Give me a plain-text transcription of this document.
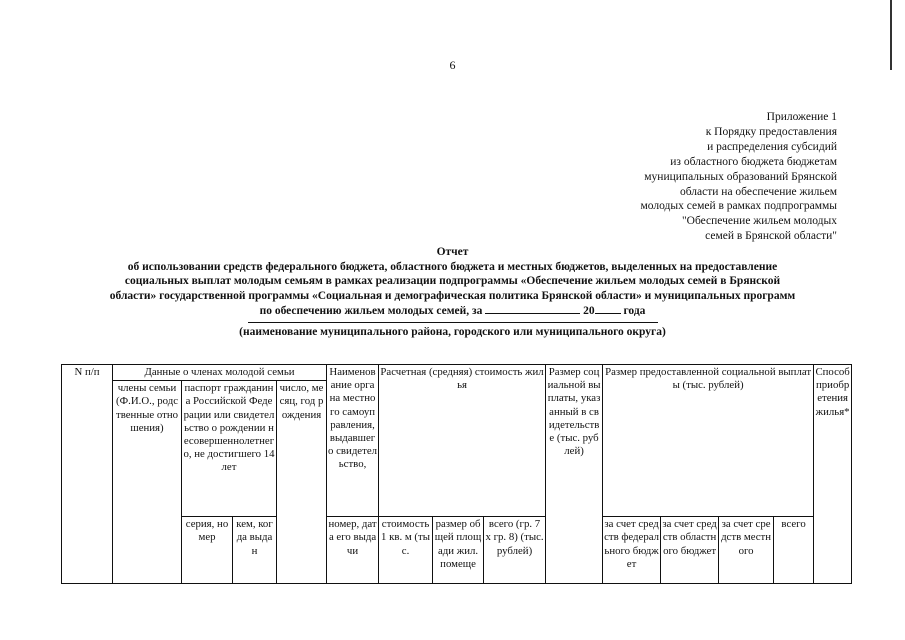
6
Приложение 1
к Порядку предоставления
и распределения субсидий
из областного бюджета бюджетам
муниципальных образований Брянской
области на обеспечение жильем
молодых семей в рамках подпрограммы
"Обеспечение жильем молодых
семей в Брянской области"
Отчет
об использовании средств федерального бюджета, областного бюджета и местных бюджетов, выделенных на предоставление
социальных выплат молодым семьям в рамках реализации подпрограммы «Обеспечение жильем молодых семей в Брянской
области» государственной программы «Социальная и демографическая политика Брянской области» и муниципальных программ
по обеспечению жильем молодых семей, за	20	года
(наименование муниципального района, городского или муниципального округа)
N п/п	Данные о членах молодой семьи				Наименование органа местного самоуправления, выдавшего свидетельство,	Расчетная (средняя) стоимость жилья			Размер социальной выплаты, указанный в свидетельстве (тыс. рублей)	Размер предоставленной социальной выплаты (тыс. рублей)				Способ приобретения жилья*
	члены семьи (Ф.И.О., родственные отношения)	паспорт гражданина Российской Федерации или свидетельство о рождении несовершеннолетнего, не достигшего 14 лет		число, месяц, год рождения										
		серия, номер	кем, когда выдан		номер, дата его выдачи	стоимость 1 кв. м (тыс.	размер общей площади жил. помеще	всего (гр. 7 х гр. 8) (тыс. рублей)		за счет средств федерального бюджет	за счет средств областного бюджет	за счет средств местного	всего	
